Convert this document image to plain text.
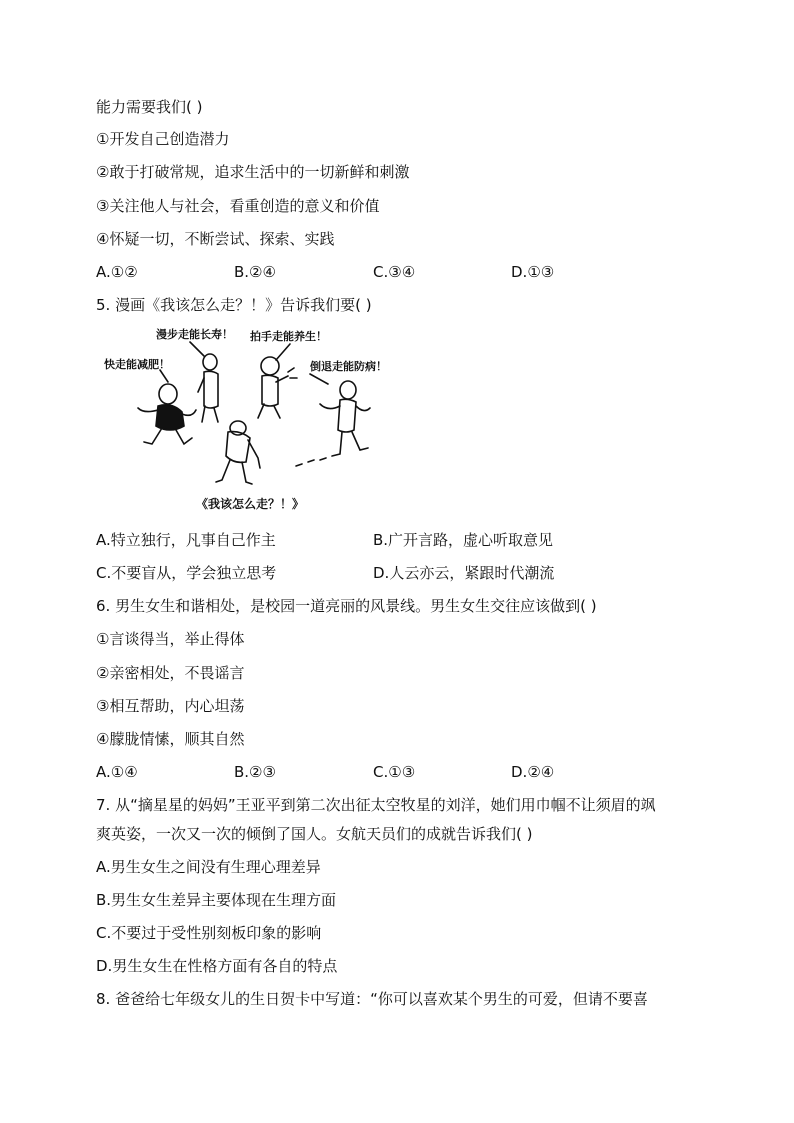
能力需要我们( )
①开发自己创造潜力
②敢于打破常规，追求生活中的一切新鲜和刺激
③关注他人与社会，看重创造的意义和价值
④怀疑一切，不断尝试、探索、实践
A.①②	B.②④	C.③④	D.①③
5. 漫画《我该怎么走？！》告诉我们要( )
漫步走能长寿！ 拍手走能养生！
快走能减肥！	倒退走能防病！
《我该怎么走？！》
A.特立独行，凡事自己作主	B.广开言路，虚心听取意见
C.不要盲从，学会独立思考	D.人云亦云，紧跟时代潮流
6. 男生女生和谐相处，是校园一道亮丽的风景线。男生女生交往应该做到( )
①言谈得当，举止得体
②亲密相处，不畏谣言
③相互帮助，内心坦荡
④朦胧情愫，顺其自然
A.①④	B.②③	C.①③	D.②④
7. 从“摘星星的妈妈”王亚平到第二次出征太空牧星的刘洋，她们用巾帼不让须眉的飒
爽英姿，一次又一次的倾倒了国人。女航天员们的成就告诉我们( )
A.男生女生之间没有生理心理差异
B.男生女生差异主要体现在生理方面
C.不要过于受性别刻板印象的影响
D.男生女生在性格方面有各自的特点
8. 爸爸给七年级女儿的生日贺卡中写道：“你可以喜欢某个男生的可爱，但请不要喜
